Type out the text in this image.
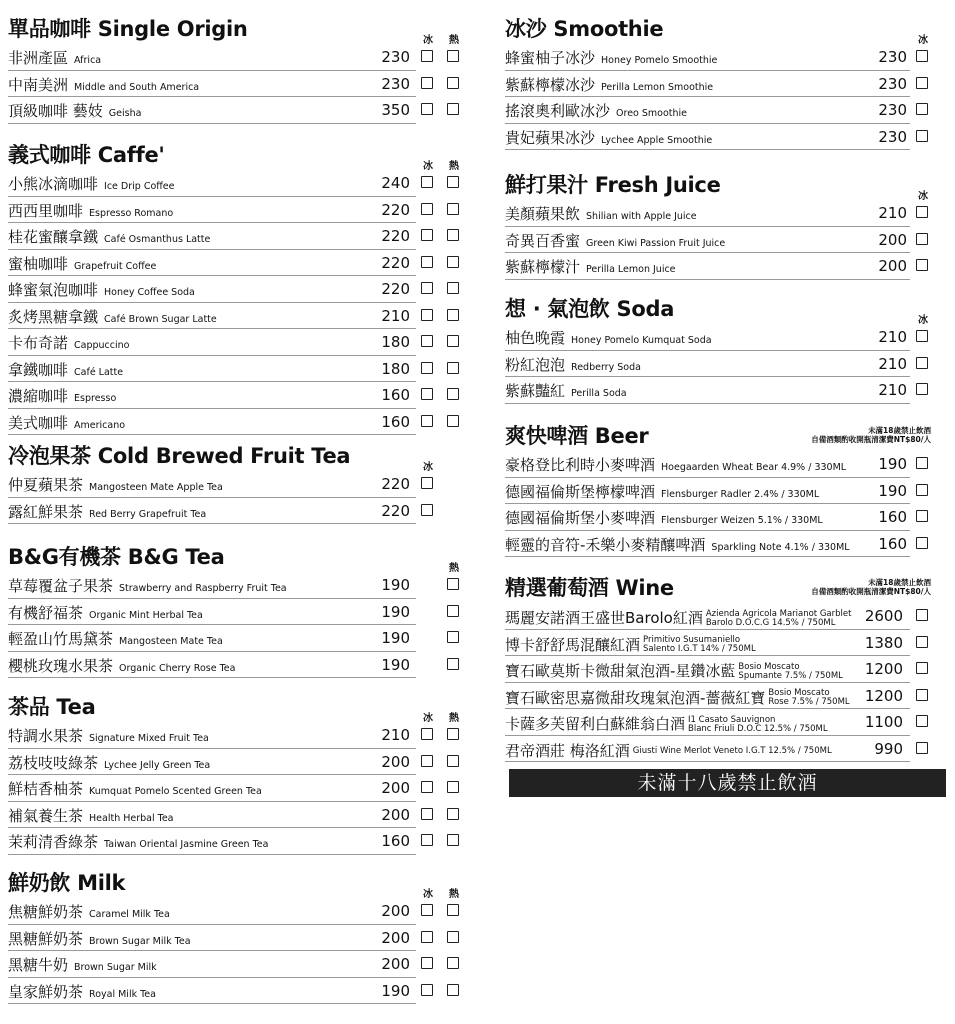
單品咖啡 Single Origin	冰	熱
非洲產區 Africa	230
中南美洲 Middle and South America	230
頂級咖啡 藝妓 Geisha	350
義式咖啡 Caffe'	冰	熱
小熊冰滴咖啡 Ice Drip Coffee	240
西西里咖啡 Espresso Romano	220
桂花蜜釀拿鐵 Café Osmanthus Latte	220
蜜柚咖啡 Grapefruit Coffee	220
蜂蜜氣泡咖啡 Honey Coffee Soda	220
炙烤黑糖拿鐵 Café Brown Sugar Latte	210
卡布奇諾 Cappuccino	180
拿鐵咖啡 Café Latte	180
濃縮咖啡 Espresso	160
美式咖啡 Americano	160
冷泡果茶 Cold Brewed Fruit Tea	冰
仲夏蘋果茶 Mangosteen Mate Apple Tea	220
露紅鮮果茶 Red Berry Grapefruit Tea	220
B&G有機茶 B&G Tea	熱
草莓覆盆子果茶 Strawberry and Raspberry Fruit Tea	190
有機舒福茶 Organic Mint Herbal Tea	190
輕盈山竹馬黛茶 Mangosteen Mate Tea	190
櫻桃玫瑰水果茶 Organic Cherry Rose Tea	190
茶品 Tea	冰	熱
特調水果茶 Signature Mixed Fruit Tea	210
荔枝吱吱綠茶 Lychee Jelly Green Tea	200
鮮桔香柚茶 Kumquat Pomelo Scented Green Tea	200
補氣養生茶 Health Herbal Tea	200
茉莉清香綠茶 Taiwan Oriental Jasmine Green Tea	160
鮮奶飲 Milk	冰	熱
焦糖鮮奶茶 Caramel Milk Tea	200
黑糖鮮奶茶 Brown Sugar Milk Tea	200
黑糖牛奶 Brown Sugar Milk	200
皇家鮮奶茶 Royal Milk Tea	190
冰沙 Smoothie	冰
蜂蜜柚子冰沙 Honey Pomelo Smoothie	230
紫蘇檸檬冰沙 Perilla Lemon Smoothie	230
搖滾奧利歐冰沙 Oreo Smoothie	230
貴妃蘋果冰沙 Lychee Apple Smoothie	230
鮮打果汁 Fresh Juice	冰
美顏蘋果飲 Shilian with Apple Juice	210
奇異百香蜜 Green Kiwi Passion Fruit Juice	200
紫蘇檸檬汁 Perilla Lemon Juice	200
想 · 氣泡飲 Soda	冰
柚色晚霞 Honey Pomelo Kumquat Soda	210
粉紅泡泡 Redberry Soda	210
紫蘇豔紅 Perilla Soda	210
爽快啤酒 Beer	未滿18歲禁止飲酒
自備酒類酌收開瓶清潔費NT$80/人
豪格登比利時小麥啤酒 Hoegaarden Wheat Bear 4.9% / 330ML	190
德國福倫斯堡檸檬啤酒 Flensburger Radler 2.4% / 330ML	190
德國福倫斯堡小麥啤酒 Flensburger Weizen 5.1% / 330ML	160
輕靈的音符-禾樂小麥精釀啤酒 Sparkling Note 4.1% / 330ML	160
精選葡萄酒 Wine	未滿18歲禁止飲酒
自備酒類酌收開瓶清潔費NT$80/人
瑪麗安諾酒王盛世Barolo紅酒 Azienda Agricola Marianot Garblet
Barolo D.O.C.G 14.5% / 750ML	2600
博卡舒舒馬混釀紅酒 Primitivo Susumaniello
Salento I.G.T 14% / 750ML	1380
寶石歐莫斯卡微甜氣泡酒-星鑽冰藍 Bosio Moscato
Spumante 7.5% / 750ML 1200
寶石歐密思嘉微甜玫瑰氣泡酒-薔薇紅寶 Bosio Moscato
Rose 7.5% / 750ML 1200
卡薩多芙留利白蘇維翁白酒 I1 Casato Sauvignon
Blanc Friuli D.O.C 12.5% / 750ML 1100
君帝酒莊 梅洛紅酒 Giusti Wine Merlot Veneto I.G.T 12.5% / 750ML	990
未滿十八歲禁止飲酒
